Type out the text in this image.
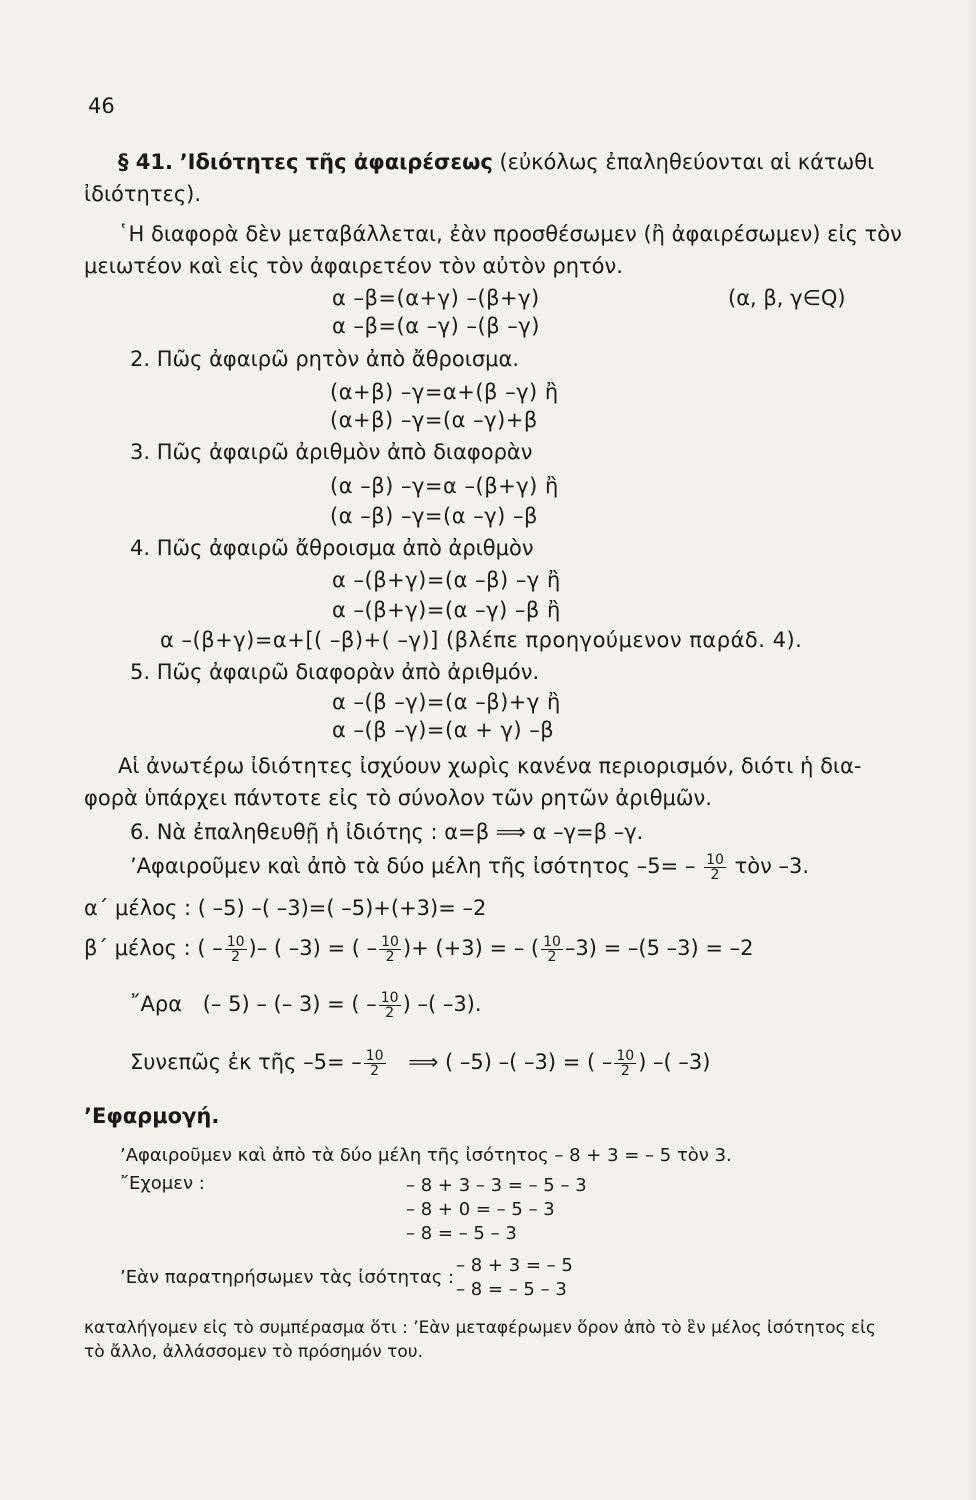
46
§ 41. ’Ιδιότητες τῆς ἀφαιρέσεως (εὐκόλως ἐπαληθεύονται αἱ κάτωθι
ἰδιότητες).
῾Η διαφορὰ δὲν μεταβάλλεται, ἐὰν προσθέσωμεν (ἢ ἀφαιρέσωμεν) εἰς τὸν
μειωτέον καὶ εἰς τὸν ἀφαιρετέον τὸν αὐτὸν ρητόν.
α –β=(α+γ) –(β+γ)	(α, β, γ∈Q)
α –β=(α –γ) –(β –γ)
2. Πῶς ἀφαιρῶ ρητὸν ἀπὸ ἄθροισμα.
(α+β) –γ=α+(β –γ) ἢ
(α+β) –γ=(α –γ)+β
3. Πῶς ἀφαιρῶ ἀριθμὸν ἀπὸ διαφορὰν
(α –β) –γ=α –(β+γ) ἢ
(α –β) –γ=(α –γ) –β
4. Πῶς ἀφαιρῶ ἄθροισμα ἀπὸ ἀριθμὸν
α –(β+γ)=(α –β) –γ ἢ
α –(β+γ)=(α –γ) –β ἢ
α –(β+γ)=α+[( –β)+( –γ)] (βλέπε προηγούμενον παράδ. 4).
5. Πῶς ἀφαιρῶ διαφορὰν ἀπὸ ἀριθμόν.
α –(β –γ)=(α –β)+γ ἢ
α –(β –γ)=(α + γ) –β
Αἱ ἀνωτέρω ἰδιότητες ἰσχύουν χωρὶς κανένα περιορισμόν, διότι ἡ δια-
φορὰ ὑπάρχει πάντοτε εἰς τὸ σύνολον τῶν ρητῶν ἀριθμῶν.
6. Νὰ ἐπαληθευθῇ ἡ ἰδιότης : α=β ⟹ α –γ=β –γ.
’Αφαιροῦμεν καὶ ἀπὸ τὰ δύο μέλη τῆς ἰσότητος $-5= - \frac{10}{2}$ τὸν –3.
α΄ μέλος : ( –5) –( –3)=( –5)+(+3)= –2
β΄ μέλος : ( – $\frac{10}{2}$ )– ( –3) = ( – $\frac{10}{2}$ )+ (+3) = – ( $\frac{10}{2} -3) = -(5$ –3) = –2
῎Αρα (– 5) – (– 3) = ( – $\frac{10}{2}$ ) –( –3).
Συνεπῶς ἐκ τῆς $-5= - \frac{10}{2}$ ⟹ ( –5) –( –3) = ( – $\frac{10}{2}$ ) –( –3)
’Εφαρμογή.
’Αφαιροῦμεν καὶ ἀπὸ τὰ δύο μέλη τῆς ἰσότητος – 8 + 3 = – 5 τὸν 3.
῎Εχομεν :	– 8 + 3 – 3 = – 5 – 3
– 8 + 0 = – 5 – 3
– 8 = – 5 – 3
’Εὰν παρατηρήσωμεν τὰς ἰσότητας :
– 8 + 3 = – 5
– 8 = – 5 – 3
καταλήγομεν εἰς τὸ συμπέρασμα ὅτι : ’Εὰν μεταφέρωμεν ὅρον ἀπὸ τὸ ἓν μέλος ἰσότητος εἰς
τὸ ἄλλο, ἀλλάσσομεν τὸ πρόσημόν του.
